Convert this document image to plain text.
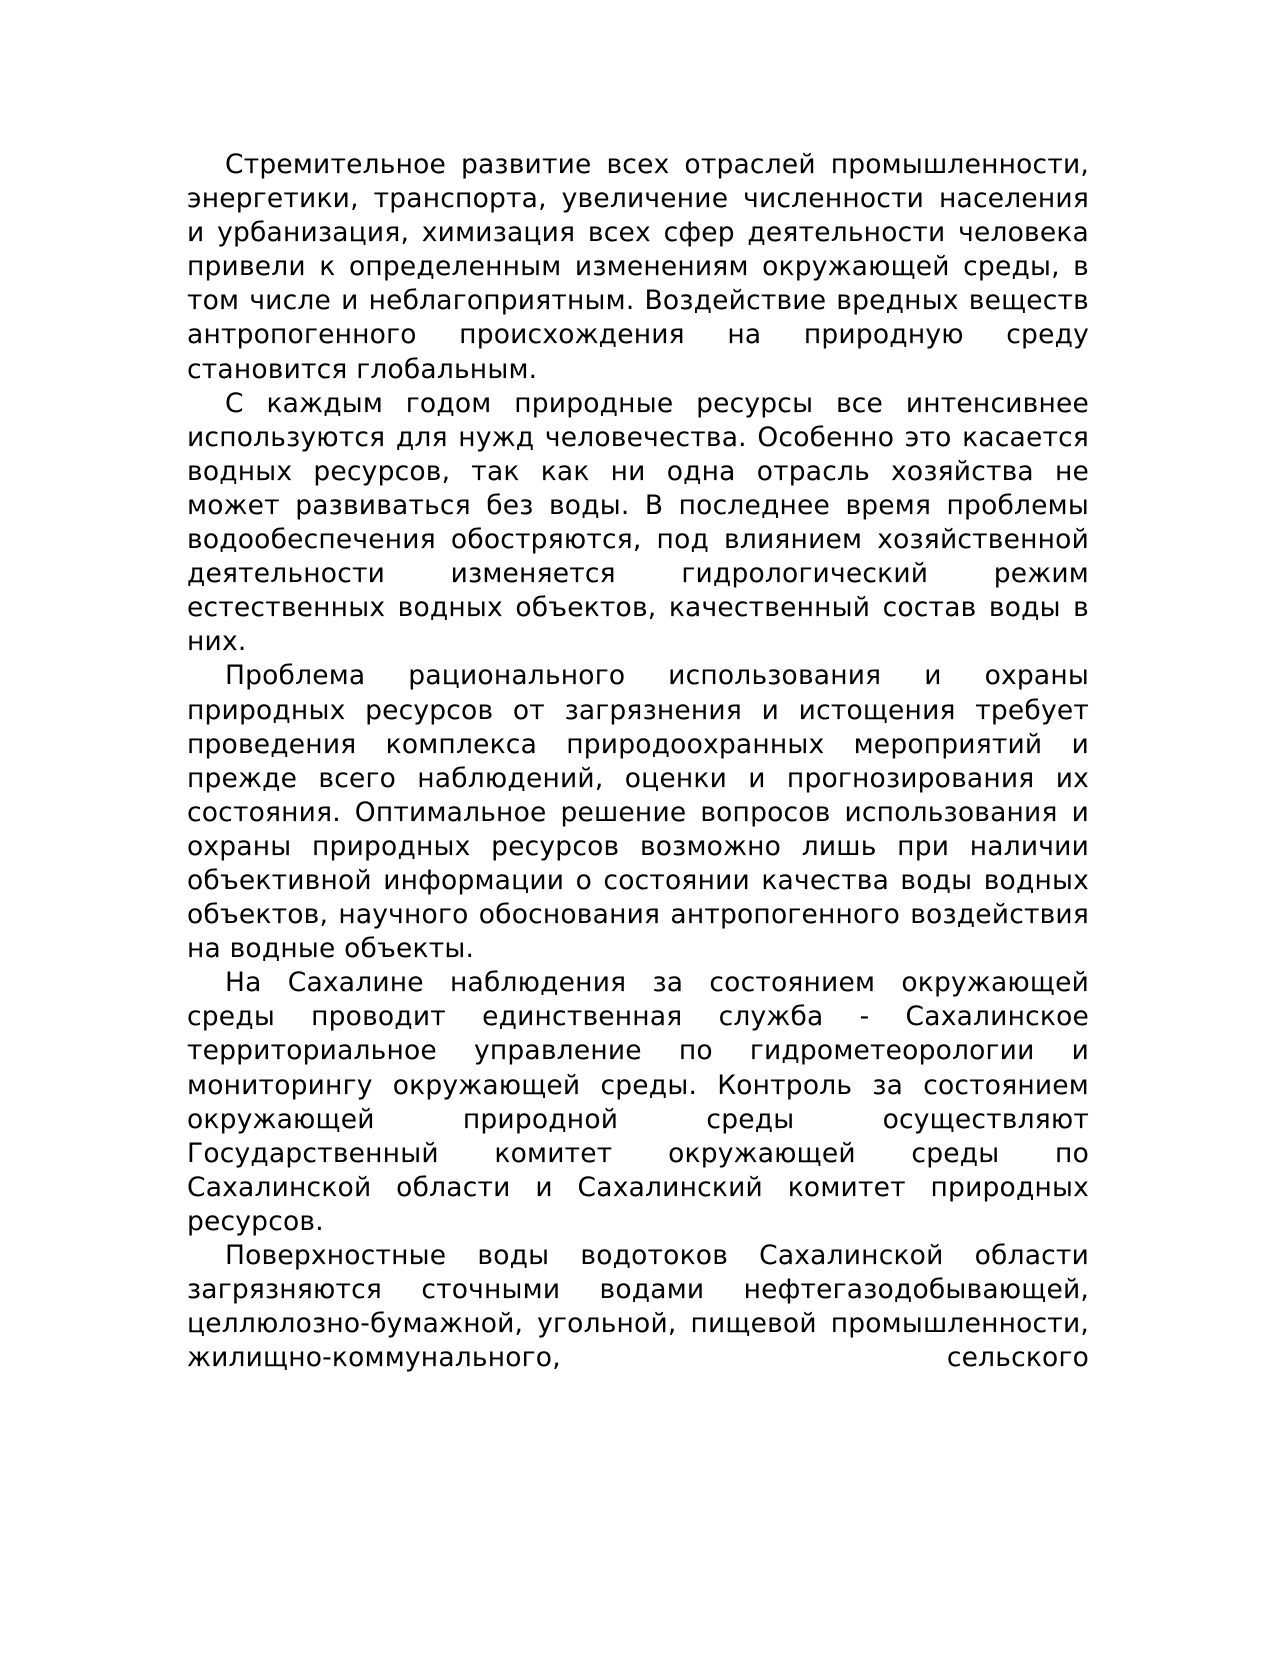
Стремительное развитие всех отраслей промышленности, энергетики, транспорта, увеличение численности населения и урбанизация, химизация всех сфер деятельности человека привели к определенным изменениям окружающей среды, в том числе и неблагоприятным. Воздействие вредных веществ антропогенного происхождения на природную среду становится глобальным.

С каждым годом природные ресурсы все интенсивнее используются для нужд человечества. Особенно это касается водных ресурсов, так как ни одна отрасль хозяйства не может развиваться без воды. В последнее время проблемы водообеспечения обостряются, под влиянием хозяйственной деятельности изменяется гидрологический режим естественных водных объектов, качественный состав воды в них.

Проблема рационального использования и охраны природных ресурсов от загрязнения и истощения требует проведения комплекса природоохранных мероприятий и прежде всего наблюдений, оценки и прогнозирования их состояния. Оптимальное решение вопросов использования и охраны природных ресурсов возможно лишь при наличии объективной информации о состоянии качества воды водных объектов, научного обоснования антропогенного воздействия на водные объекты.

На Сахалине наблюдения за состоянием окружающей среды проводит единственная служба - Сахалинское территориальное управление по гидрометеорологии и мониторингу окружающей среды. Контроль за состоянием окружающей природной среды осуществляют Государственный комитет окружающей среды по Сахалинской области и Сахалинский комитет природных ресурсов.

Поверхностные воды водотоков Сахалинской области загрязняются сточными водами нефтегазодобывающей, целлюлозно-бумажной, угольной, пищевой промышленности, жилищно-коммунального, сельского
